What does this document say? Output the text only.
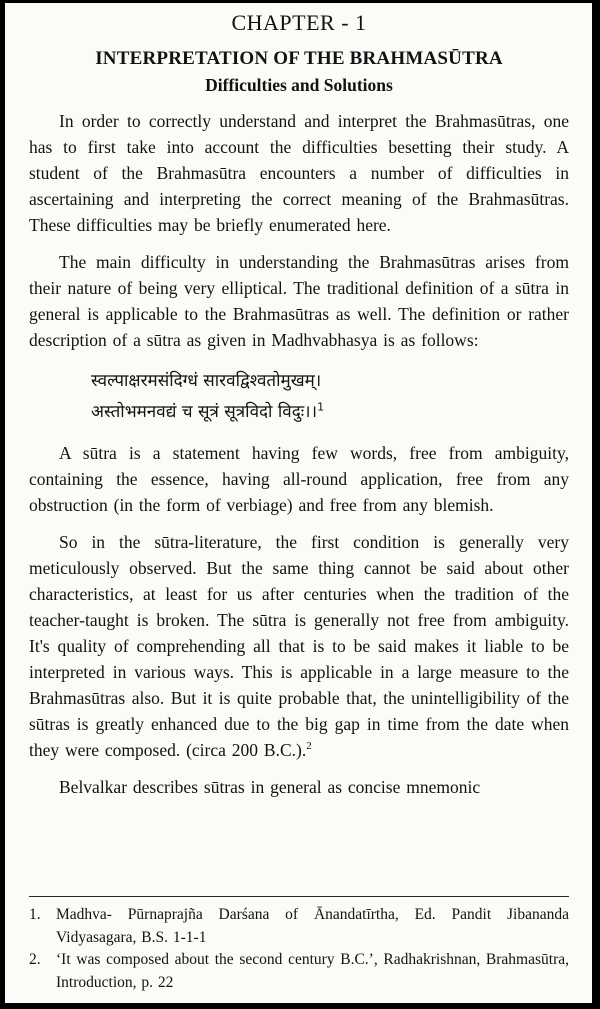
CHAPTER - 1
INTERPRETATION OF THE BRAHMASŪTRA
Difficulties and Solutions

In order to correctly understand and interpret the Brahmasūtras, one has to first take into account the difficulties besetting their study. A student of the Brahmasūtra encounters a number of difficulties in ascertaining and interpreting the correct meaning of the Brahmasūtras. These difficulties may be briefly enumerated here.

The main difficulty in understanding the Brahmasūtras arises from their nature of being very elliptical. The traditional definition of a sūtra in general is applicable to the Brahmasūtras as well. The definition or rather description of a sūtra as given in Madhvabhasya is as follows:

स्वल्पाक्षरमसंदिग्धं सारवद्विश्वतोमुखम्।
अस्तोभमनवद्यं च सूत्रं सूत्रविदो विदुः।।$^1$

A sūtra is a statement having few words, free from ambiguity, containing the essence, having all-round application, free from any obstruction (in the form of verbiage) and free from any blemish.

So in the sūtra-literature, the first condition is generally very meticulously observed. But the same thing cannot be said about other characteristics, at least for us after centuries when the tradition of the teacher-taught is broken. The sūtra is generally not free from ambiguity. It's quality of comprehending all that is to be said makes it liable to be interpreted in various ways. This is applicable in a large measure to the Brahmasūtras also. But it is quite probable that, the unintelligibility of the sūtras is greatly enhanced due to the big gap in time from the date when they were composed. (circa 200 B.C.).$^2$

Belvalkar describes sūtras in general as concise mnemonic

1. Madhva- Pūrnaprajña Darśana of Ānandatīrtha, Ed. Pandit Jibananda Vidyasagara, B.S. 1-1-1
2. ‘It was composed about the second century B.C.’, Radhakrishnan, Brahmasūtra, Introduction, p. 22
